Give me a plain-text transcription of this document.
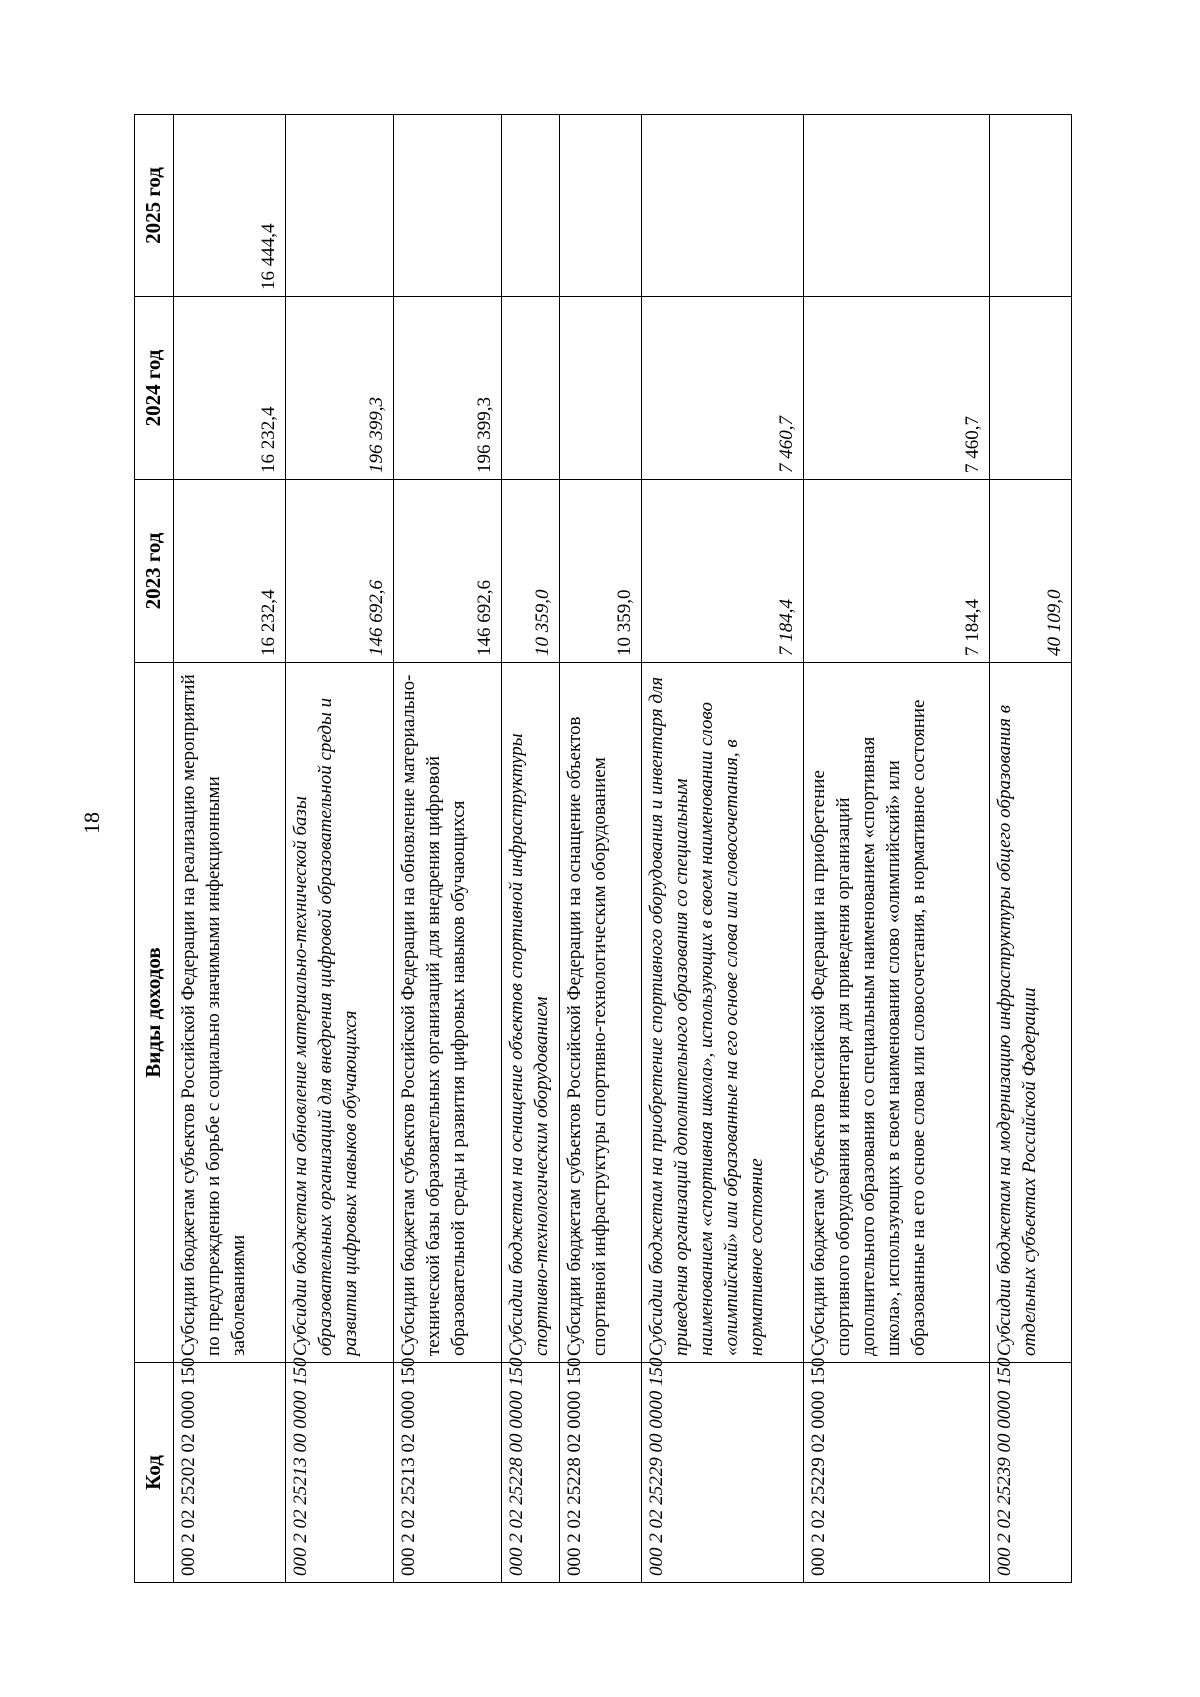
18
Код	Виды доходов	2023 год	2024 год	2025 год
000 2 02 25202 02 0000 150	Субсидии бюджетам субъектов Российской Федерации на реализацию мероприятий по предупреждению и борьбе с социально значимыми инфекционными заболеваниями	16 232,4	16 232,4	16 444,4
000 2 02 25213 00 0000 150	Субсидии бюджетам на обновление материально-технической базы образовательных организаций для внедрения цифровой образовательной среды и развития цифровых навыков обучающихся	146 692,6	196 399,3	
000 2 02 25213 02 0000 150	Субсидии бюджетам субъектов Российской Федерации на обновление материально-технической базы образовательных организаций для внедрения цифровой образовательной среды и развития цифровых навыков обучающихся	146 692,6	196 399,3	
000 2 02 25228 00 0000 150	Субсидии бюджетам на оснащение объектов спортивной инфраструктуры спортивно-технологическим оборудованием	10 359,0		
000 2 02 25228 02 0000 150	Субсидии бюджетам субъектов Российской Федерации на оснащение объектов спортивной инфраструктуры спортивно-технологическим оборудованием	10 359,0		
000 2 02 25229 00 0000 150	Субсидии бюджетам на приобретение спортивного оборудования и инвентаря для приведения организаций дополнительного образования со специальным наименованием «спортивная школа», использующих в своем наименовании слово «олимпийский» или образованные на его основе слова или словосочетания, в нормативное состояние	7 184,4	7 460,7	
000 2 02 25229 02 0000 150	Субсидии бюджетам субъектов Российской Федерации на приобретение спортивного оборудования и инвентаря для приведения организаций дополнительного образования со специальным наименованием «спортивная школа», использующих в своем наименовании слово «олимпийский» или образованные на его основе слова или словосочетания, в нормативное состояние	7 184,4	7 460,7	
000 2 02 25239 00 0000 150	Субсидии бюджетам на модернизацию инфраструктуры общего образования в отдельных субъектах Российской Федерации	40 109,0		
